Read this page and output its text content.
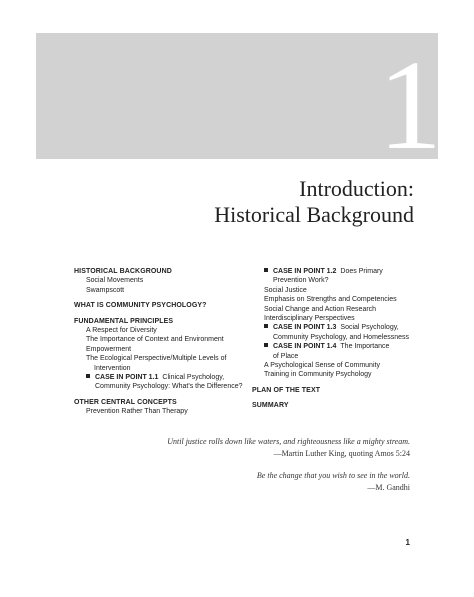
1
Introduction:
Historical Background
HISTORICAL BACKGROUND
Social Movements
Swampscott
WHAT IS COMMUNITY PSYCHOLOGY?
FUNDAMENTAL PRINCIPLES
A Respect for Diversity
The Importance of Context and Environment
Empowerment
The Ecological Perspective/Multiple Levels of
Intervention
CASE IN POINT 1.1 Clinical Psychology,
Community Psychology: What's the Difference?
OTHER CENTRAL CONCEPTS
Prevention Rather Than Therapy
CASE IN POINT 1.2 Does Primary
Prevention Work?
Social Justice
Emphasis on Strengths and Competencies
Social Change and Action Research
Interdisciplinary Perspectives
CASE IN POINT 1.3 Social Psychology,
Community Psychology, and Homelessness
CASE IN POINT 1.4 The Importance
of Place
A Psychological Sense of Community
Training in Community Psychology
PLAN OF THE TEXT
SUMMARY
Until justice rolls down like waters, and righteousness like a mighty stream.
—Martin Luther King, quoting Amos 5:24
Be the change that you wish to see in the world.
—M. Gandhi
1
